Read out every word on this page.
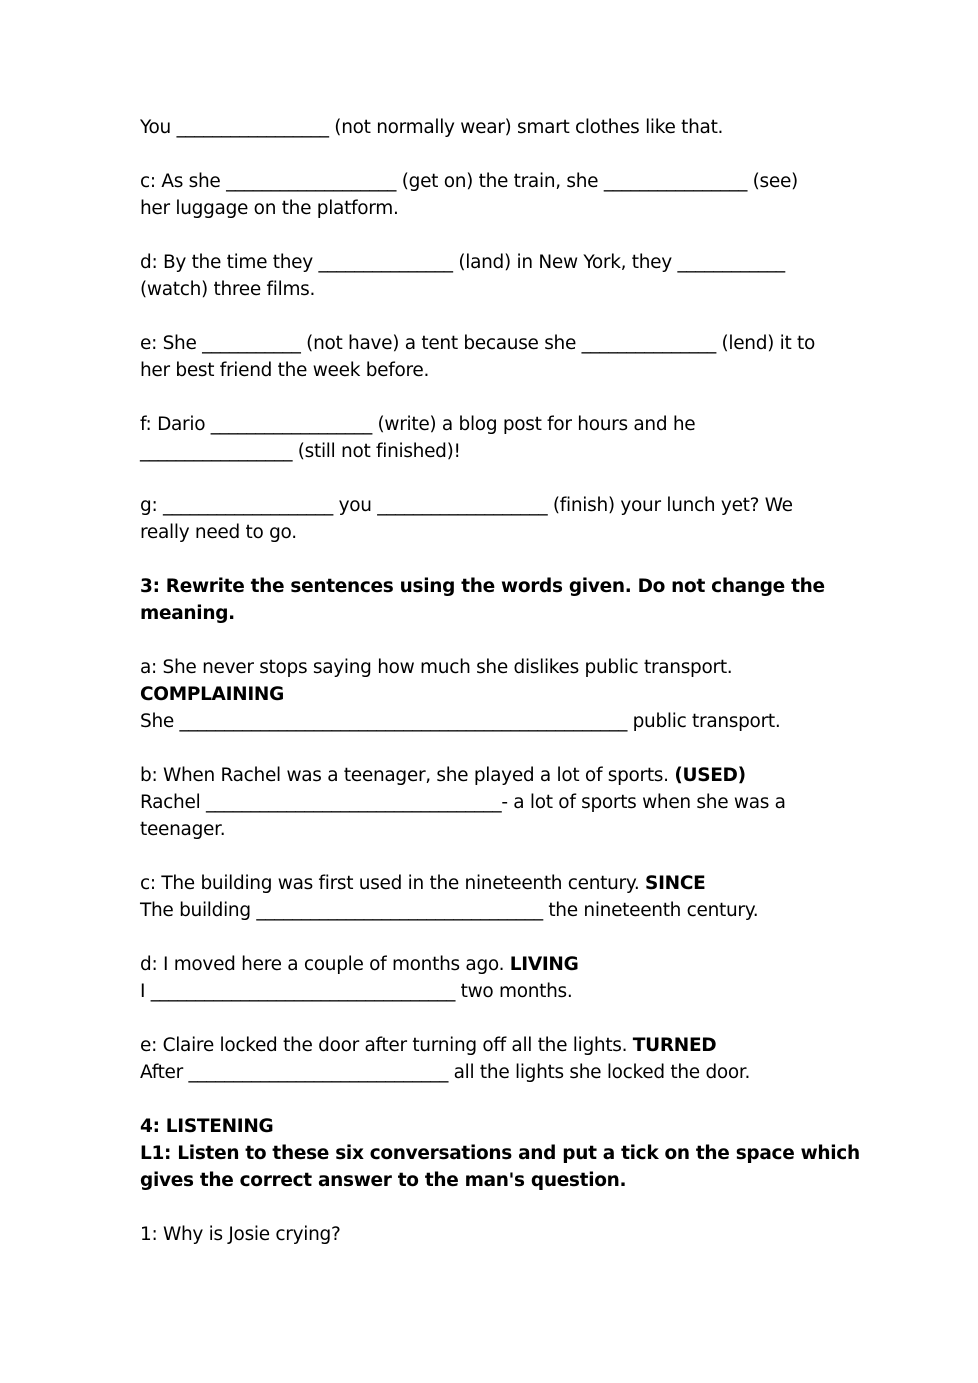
You _________________ (not normally wear) smart clothes like that.
c: As she ___________________ (get on) the train, she ________________ (see)
her luggage on the platform.
d: By the time they _______________ (land) in New York, they ____________
(watch) three films.
e: She ___________ (not have) a tent because she _______________ (lend) it to
her best friend the week before.
f: Dario __________________ (write) a blog post for hours and he
_________________ (still not finished)!
g: ___________________ you ___________________ (finish) your lunch yet? We
really need to go.
3: Rewrite the sentences using the words given. Do not change the
meaning.
a: She never stops saying how much she dislikes public transport.
COMPLAINING
She __________________________________________________ public transport.
b: When Rachel was a teenager, she played a lot of sports. (USED)
Rachel _________________________________- a lot of sports when she was a
teenager.
c: The building was first used in the nineteenth century. SINCE
The building ________________________________ the nineteenth century.
d: I moved here a couple of months ago. LIVING
I __________________________________ two months.
e: Claire locked the door after turning off all the lights. TURNED
After _____________________________ all the lights she locked the door.
4: LISTENING
L1: Listen to these six conversations and put a tick on the space which
gives the correct answer to the man's question.
1: Why is Josie crying?
